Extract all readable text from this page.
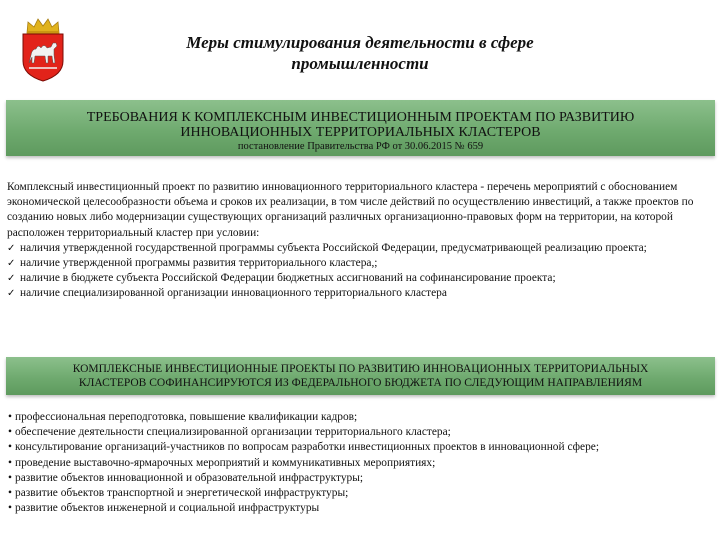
Меры стимулирования деятельности в сфере
промышленности
ТРЕБОВАНИЯ К КОМПЛЕКСНЫМ ИНВЕСТИЦИОННЫМ ПРОЕКТАМ ПО РАЗВИТИЮ
ИННОВАЦИОННЫХ ТЕРРИТОРИАЛЬНЫХ КЛАСТЕРОВ
постановление Правительства РФ от 30.06.2015 № 659

Комплексный инвестиционный проект по развитию инновационного территориального кластера - перечень мероприятий с обоснованием экономической целесообразности объема и сроков их реализации, в том числе действий по осуществлению инвестиций, а также проектов по созданию новых либо модернизации существующих организаций различных организационно-правовых форм на территории, на которой расположен территориальный кластер при условии:

✓ наличия утвержденной государственной программы субъекта Российской Федерации, предусматривающей реализацию проекта;
✓ наличие утвержденной программы развития территориального кластера,;
✓ наличие в бюджете субъекта Российской Федерации бюджетных ассигнований на софинансирование проекта;
✓ наличие специализированной организации инновационного территориального кластера
КОМПЛЕКСНЫЕ ИНВЕСТИЦИОННЫЕ ПРОЕКТЫ ПО РАЗВИТИЮ ИННОВАЦИОННЫХ ТЕРРИТОРИАЛЬНЫХ
КЛАСТЕРОВ СОФИНАНСИРУЮТСЯ ИЗ ФЕДЕРАЛЬНОГО БЮДЖЕТА ПО СЛЕДУЮЩИМ НАПРАВЛЕНИЯМ
• профессиональная переподготовка, повышение квалификации кадров;
• обеспечение деятельности специализированной организации территориального кластера;
• консультирование организаций-участников по вопросам разработки инвестиционных проектов в инновационной сфере;
• проведение выставочно-ярмарочных мероприятий и коммуникативных мероприятиях;
• развитие объектов инновационной и образовательной инфраструктуры;
• развитие объектов транспортной и энергетической инфраструктуры;
• развитие объектов инженерной и социальной инфраструктуры
